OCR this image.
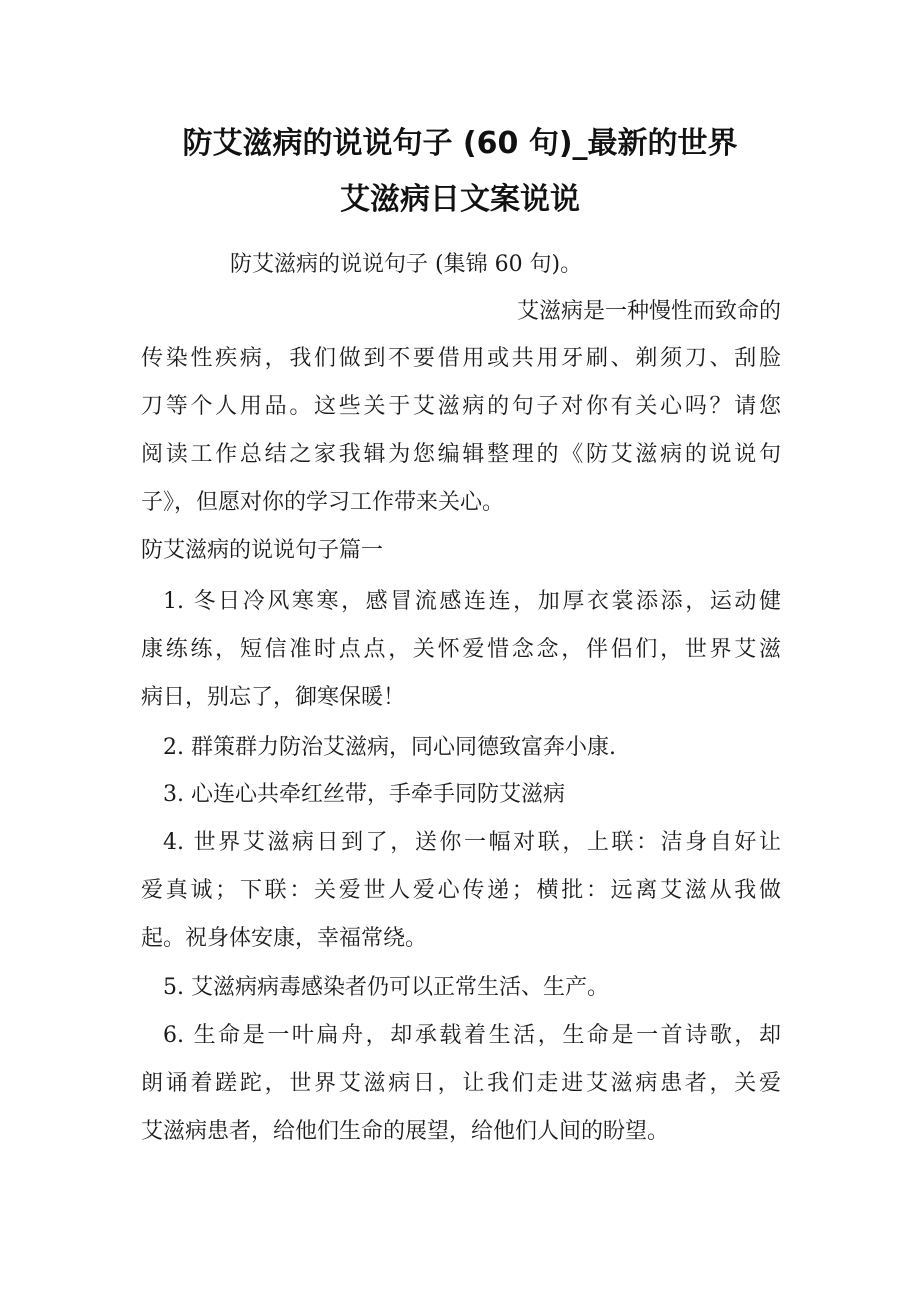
防艾滋病的说说句子 (60 句)_最新的世界
艾滋病日文案说说
防艾滋病的说说句子 (集锦 60 句)。
艾滋病是一种慢性而致命的
传染性疾病，我们做到不要借用或共用牙刷、剃须刀、刮脸
刀等个人用品。这些关于艾滋病的句子对你有关心吗？请您
阅读工作总结之家我辑为您编辑整理的《防艾滋病的说说句
子》，但愿对你的学习工作带来关心。
防艾滋病的说说句子篇一
1. 冬日冷风寒寒，感冒流感连连，加厚衣裳添添，运动健
康练练，短信准时点点，关怀爱惜念念，伴侣们，世界艾滋
病日，别忘了，御寒保暖！
2. 群策群力防治艾滋病，同心同德致富奔小康.
3. 心连心共牵红丝带，手牵手同防艾滋病
4. 世界艾滋病日到了，送你一幅对联，上联：洁身自好让
爱真诚；下联：关爱世人爱心传递；横批：远离艾滋从我做
起。祝身体安康，幸福常绕。
5. 艾滋病病毒感染者仍可以正常生活、生产。
6. 生命是一叶扁舟，却承载着生活，生命是一首诗歌，却
朗诵着蹉跎，世界艾滋病日，让我们走进艾滋病患者，关爱
艾滋病患者，给他们生命的展望，给他们人间的盼望。
